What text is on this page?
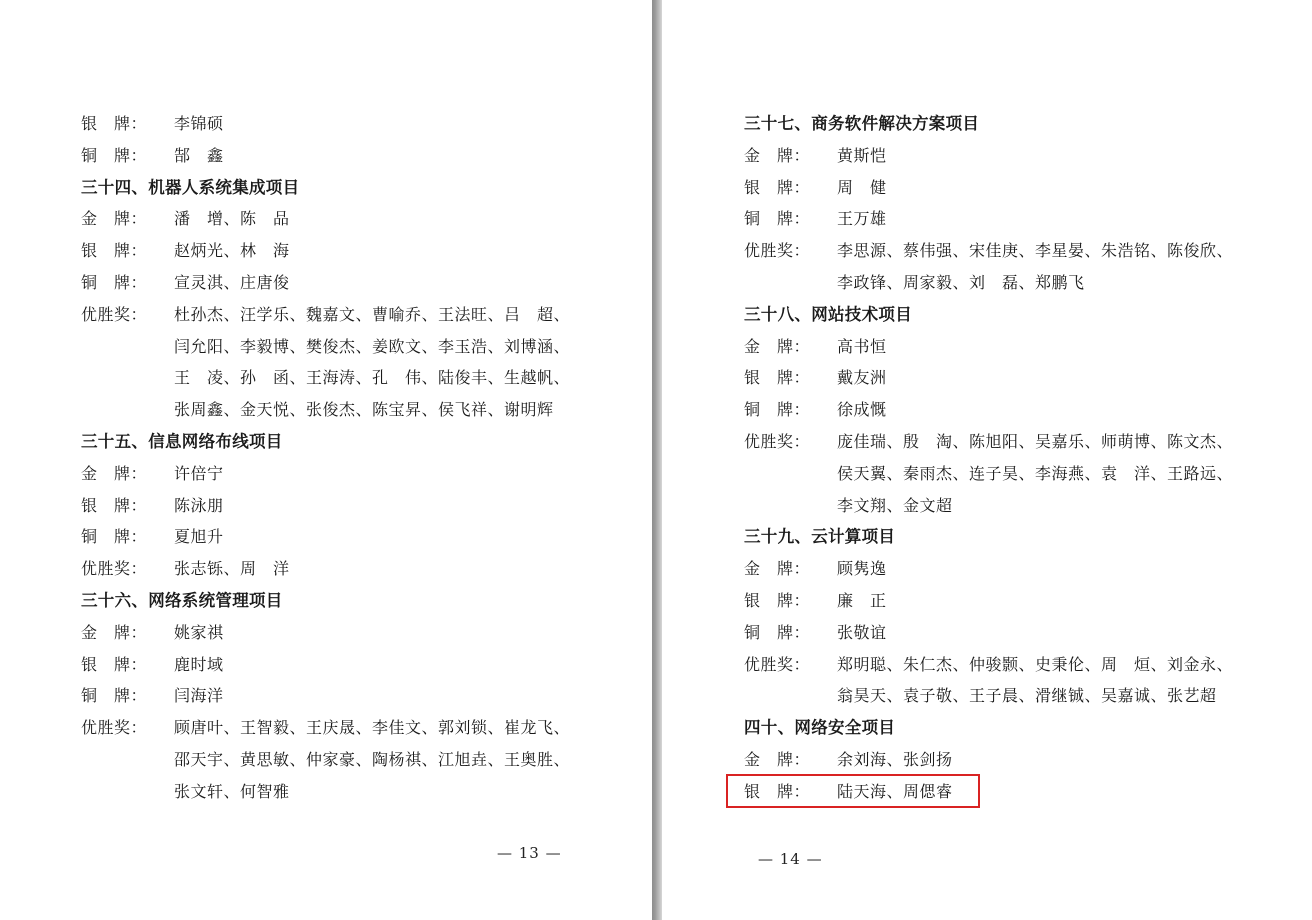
银　牌：	李锦硕
铜　牌：	郜　鑫
三十四、机器人系统集成项目
金　牌：	潘　增、陈　品
银　牌：	赵炳光、林　海
铜　牌：	宣灵淇、庄唐俊
优胜奖：	杜孙杰、汪学乐、魏嘉文、曹喻乔、王法旺、吕　超、
闫允阳、李毅博、樊俊杰、姜欧文、李玉浩、刘博涵、
王　凌、孙　函、王海涛、孔　伟、陆俊丰、生越帆、
张周鑫、金天悦、张俊杰、陈宝昇、侯飞祥、谢明辉
三十五、信息网络布线项目
金　牌：	许倍宁
银　牌：	陈泳朋
铜　牌：	夏旭升
优胜奖：	张志铄、周　洋
三十六、网络系统管理项目
金　牌：	姚家祺
银　牌：	鹿时域
铜　牌：	闫海洋
优胜奖：	顾唐叶、王智毅、王庆晟、李佳文、郭刘锁、崔龙飞、
邵天宇、黄思敏、仲家豪、陶杨祺、江旭垚、王奥胜、
张文轩、何智雅
— 13 —
三十七、商务软件解决方案项目
金　牌：	黄斯恺
银　牌：	周　健
铜　牌：	王万雄
优胜奖：	李思源、蔡伟强、宋佳庚、李星晏、朱浩铭、陈俊欣、
李政锋、周家毅、刘　磊、郑鹏飞
三十八、网站技术项目
金　牌：	高书恒
银　牌：	戴友洲
铜　牌：	徐成慨
优胜奖：	庞佳瑞、殷　淘、陈旭阳、吴嘉乐、师萌博、陈文杰、
侯天翼、秦雨杰、连子昊、李海燕、袁　洋、王路远、
李文翔、金文超
三十九、云计算项目
金　牌：	顾隽逸
银　牌：	廉　正
铜　牌：	张敬谊
优胜奖：	郑明聪、朱仁杰、仲骏颢、史秉伦、周　烜、刘金永、
翁昊天、袁子敬、王子晨、滑继铖、吴嘉诚、张艺超
四十、网络安全项目
金　牌：	余刘海、张剑扬
银　牌：	陆天海、周偲睿
— 14 —
